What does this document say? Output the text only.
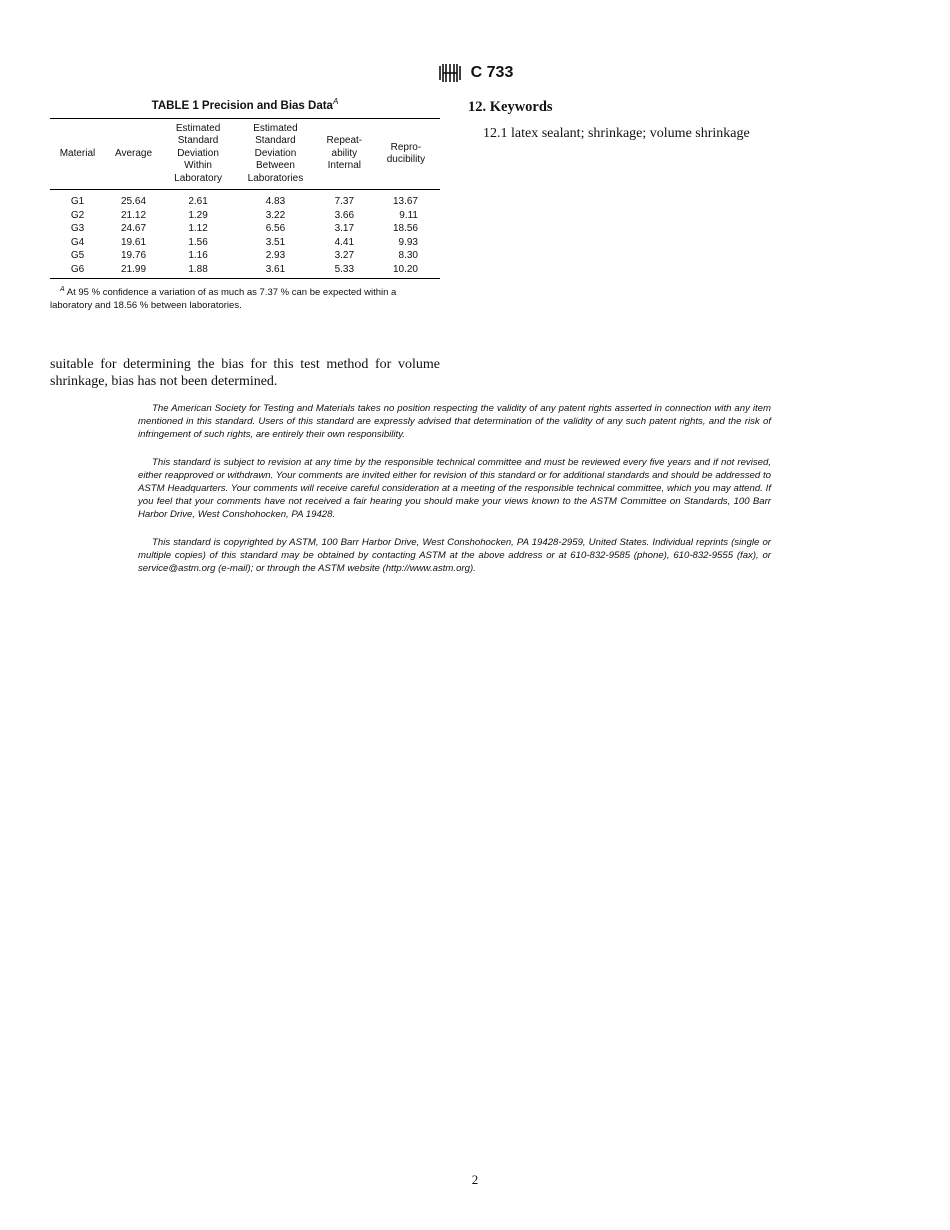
C 733
TABLE 1 Precision and Bias Data$^A$
Material	Average	Estimated
Standard
Deviation
Within
Laboratory	Estimated
Standard
Deviation
Between
Laboratories	Repeat-
ability
Internal	Repro-
ducibility
G1	25.64	2.61	4.83	7.37	13.67
G2	21.12	1.29	3.22	3.66	9.11
G3	24.67	1.12	6.56	3.17	18.56
G4	19.61	1.56	3.51	4.41	9.93
G5	19.76	1.16	2.93	3.27	8.30
G6	21.99	1.88	3.61	5.33	10.20
$^A$ At 95 % confidence a variation of as much as 7.37 % can be expected within a laboratory and 18.56 % between laboratories.
suitable for determining the bias for this test method for volume shrinkage, bias has not been determined.
12. Keywords
12.1 latex sealant; shrinkage; volume shrinkage

The American Society for Testing and Materials takes no position respecting the validity of any patent rights asserted in connection with any item mentioned in this standard. Users of this standard are expressly advised that determination of the validity of any such patent rights, and the risk of infringement of such rights, are entirely their own responsibility.

This standard is subject to revision at any time by the responsible technical committee and must be reviewed every five years and if not revised, either reapproved or withdrawn. Your comments are invited either for revision of this standard or for additional standards and should be addressed to ASTM Headquarters. Your comments will receive careful consideration at a meeting of the responsible technical committee, which you may attend. If you feel that your comments have not received a fair hearing you should make your views known to the ASTM Committee on Standards, 100 Barr Harbor Drive, West Conshohocken, PA 19428.

This standard is copyrighted by ASTM, 100 Barr Harbor Drive, West Conshohocken, PA 19428-2959, United States. Individual reprints (single or multiple copies) of this standard may be obtained by contacting ASTM at the above address or at 610-832-9585 (phone), 610-832-9555 (fax), or service@astm.org (e-mail); or through the ASTM website (http://www.astm.org).

2
